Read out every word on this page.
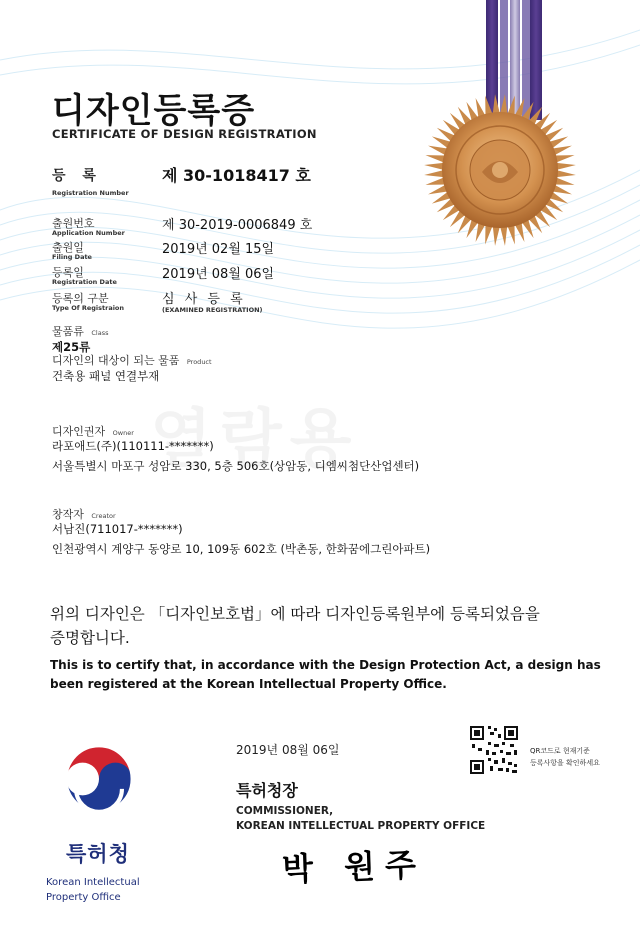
디자인등록증
CERTIFICATE OF DESIGN REGISTRATION
등 록
Registration Number
제 30-1018417 호
출원번호
Application Number	제 30-2019-0006849 호
출원일
Filing Date	2019년 02월 15일
등록일
Registration Date	2019년 08월 06일
등록의 구분
Type Of Registraion
심 사 등 록
(EXAMINED REGISTRATION)
물품류 Class
제25류
디자인의 대상이 되는 물품 Product
건축용 패널 연결부재
디자인권자 Owner
라포애드(주)(110111-*******)
서울특별시 마포구 성암로 330, 5층 506호(상암동, 디엠씨첨단산업센터)
창작자 Creator
서남진(711017-*******)
인천광역시 계양구 동양로 10, 109동 602호 (박촌동, 한화꿈에그린아파트)
위의 디자인은 「디자인보호법」에 따라 디자인등록원부에 등록되었음을
증명합니다.
This is to certify that, in accordance with the Design Protection Act, a design has
been registered at the Korean Intellectual Property Office.
2019년 08월 06일	QR코드로 현재기준
등록사항을 확인하세요
특허청장
COMMISSIONER,
KOREAN INTELLECTUAL PROPERTY OFFICE
박 원주
특허청
Korean Intellectual
Property Office
